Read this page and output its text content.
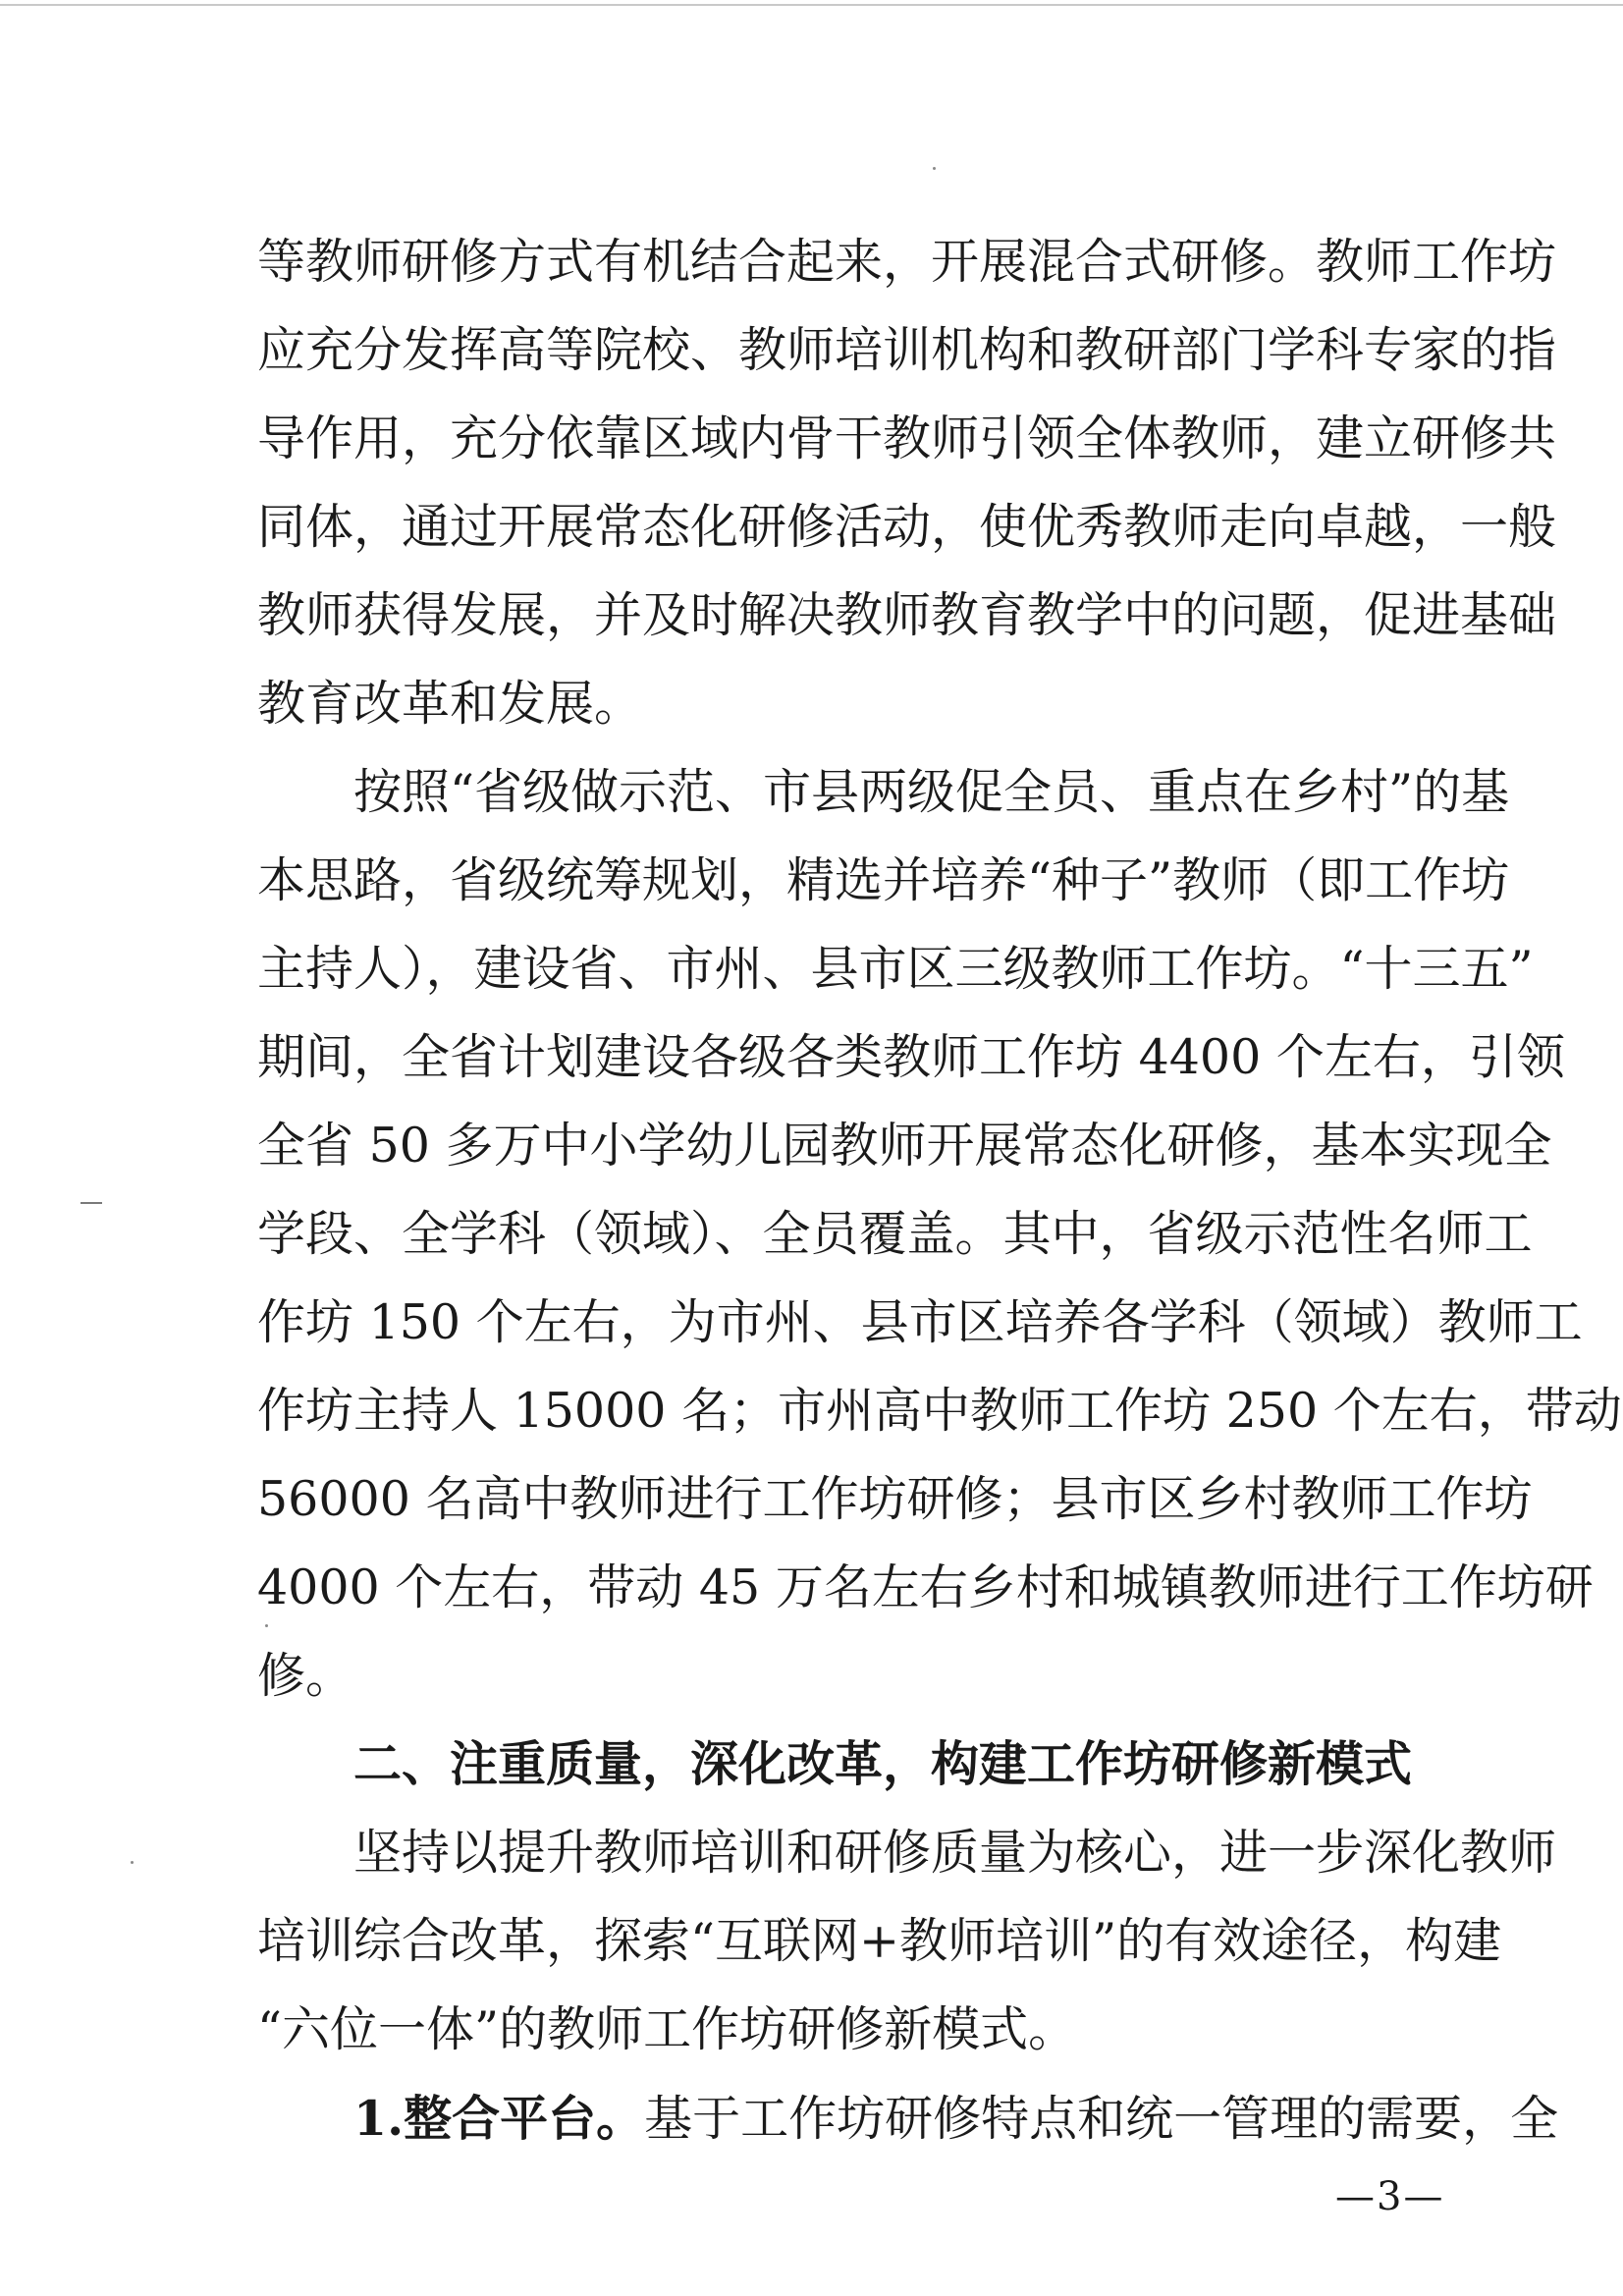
等教师研修方式有机结合起来，开展混合式研修。教师工作坊
应充分发挥高等院校、教师培训机构和教研部门学科专家的指
导作用，充分依靠区域内骨干教师引领全体教师，建立研修共
同体，通过开展常态化研修活动，使优秀教师走向卓越，一般
教师获得发展，并及时解决教师教育教学中的问题，促进基础
教育改革和发展。
按照“省级做示范、市县两级促全员、重点在乡村”的基
本思路，省级统筹规划，精选并培养“种子”教师（即工作坊
主持人），建设省、市州、县市区三级教师工作坊。“十三五”
期间，全省计划建设各级各类教师工作坊 4400 个左右，引领
全省 50 多万中小学幼儿园教师开展常态化研修，基本实现全
学段、全学科（领域）、全员覆盖。其中，省级示范性名师工
作坊 150 个左右，为市州、县市区培养各学科（领域）教师工
作坊主持人 15000 名；市州高中教师工作坊 250 个左右，带动
56000 名高中教师进行工作坊研修；县市区乡村教师工作坊
4000 个左右，带动 45 万名左右乡村和城镇教师进行工作坊研
修。
二、注重质量，深化改革，构建工作坊研修新模式
坚持以提升教师培训和研修质量为核心，进一步深化教师
培训综合改革，探索“互联网+教师培训”的有效途径，构建
“六位一体”的教师工作坊研修新模式。
1.整合平台。基于工作坊研修特点和统一管理的需要，全
—3—
